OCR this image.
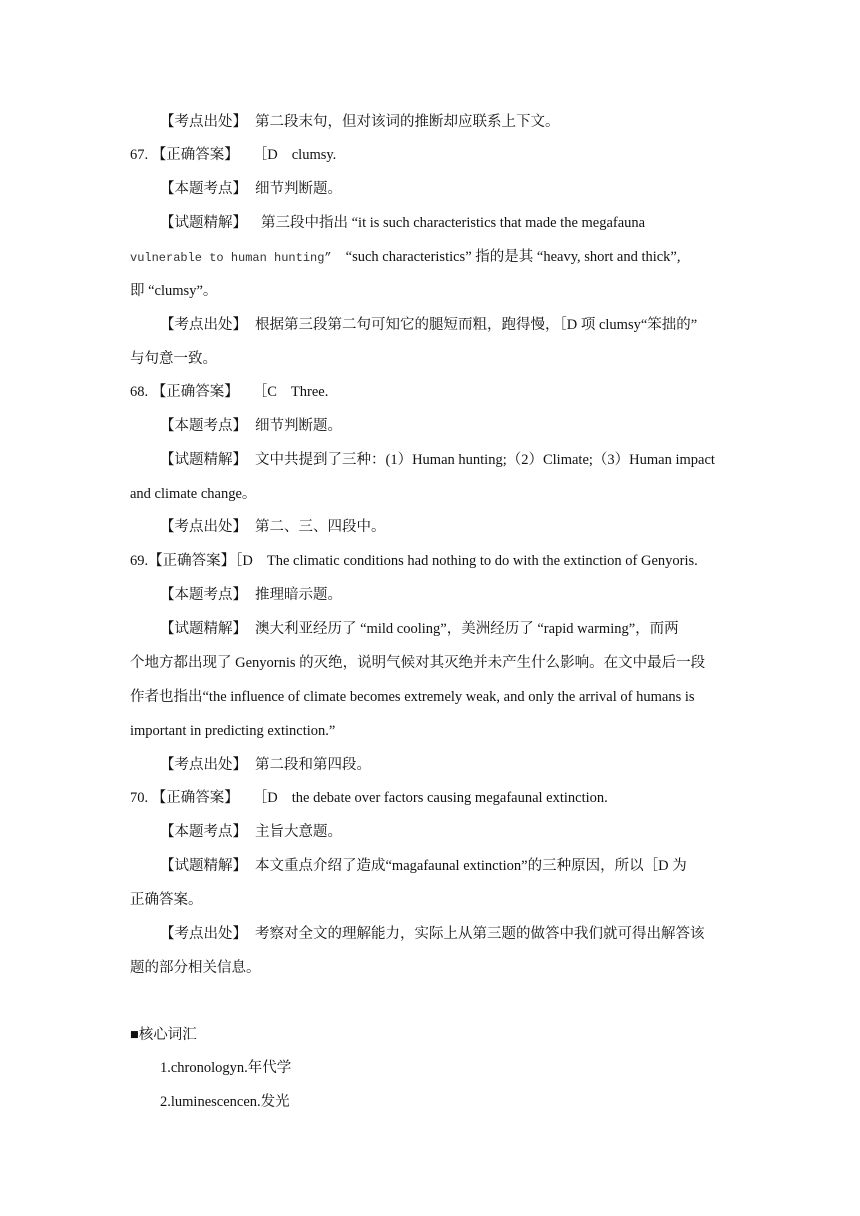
【考点出处】 第二段末句，但对该词的推断却应联系上下文。
67. 【正确答案】 ［D clumsy.
【本题考点】 细节判断题。
【试题精解】 第三段中指出 “it is such characteristics that made the megafauna
vulnerable to human hunting” “such characteristics” 指的是其 “heavy, short and thick”,
即 “clumsy”。
【考点出处】 根据第三段第二句可知它的腿短而粗，跑得慢，［D 项 clumsy“笨拙的”
与句意一致。
68. 【正确答案】 ［C Three.
【本题考点】 细节判断题。
【试题精解】 文中共提到了三种：(1）Human hunting;（2）Climate;（3）Human impact
and climate change。
【考点出处】 第二、三、四段中。
69.【正确答案】［D The climatic conditions had nothing to do with the extinction of Genyoris.
【本题考点】 推理暗示题。
【试题精解】 澳大利亚经历了 “mild cooling”，美洲经历了 “rapid warming”，而两
个地方都出现了 Genyornis 的灭绝，说明气候对其灭绝并未产生什么影响。在文中最后一段
作者也指出“the influence of climate becomes extremely weak, and only the arrival of humans is
important in predicting extinction.”
【考点出处】 第二段和第四段。
70. 【正确答案】 ［D the debate over factors causing megafaunal extinction.
【本题考点】 主旨大意题。
【试题精解】 本文重点介绍了造成“magafaunal extinction”的三种原因，所以［D 为
正确答案。
【考点出处】 考察对全文的理解能力，实际上从第三题的做答中我们就可得出解答该
题的部分相关信息。
■核心词汇
1.chronologyn.年代学
2.luminescencen.发光
